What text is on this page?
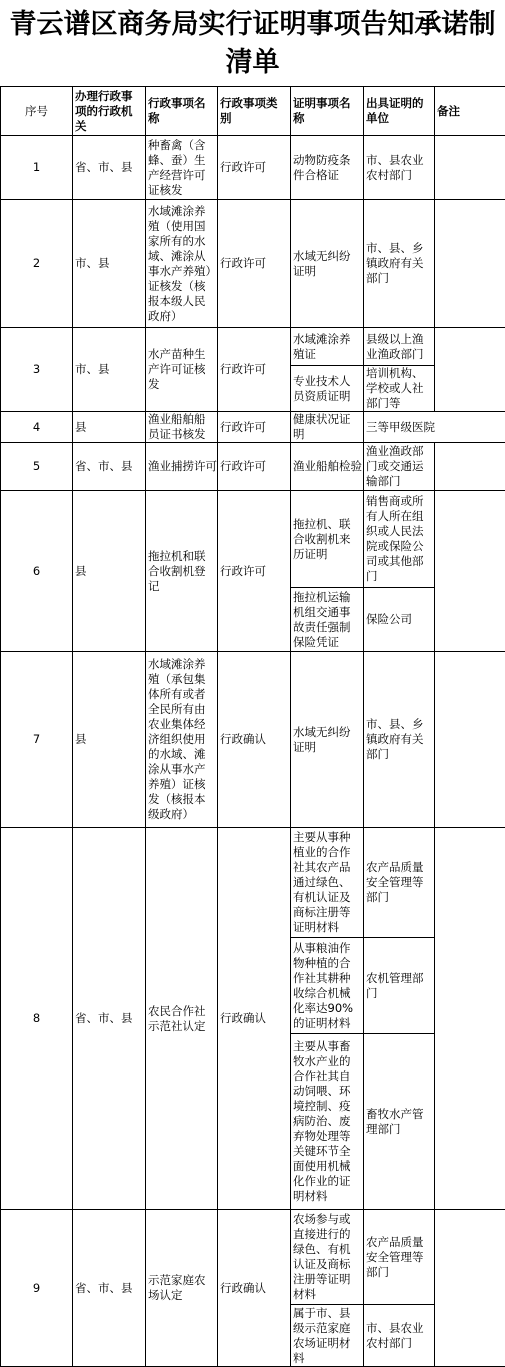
青云谱区商务局实行证明事项告知承诺制清单
序号	办理行政事项的行政机关	行政事项名称	行政事项类别	证明事项名称	出具证明的单位	备注
1	省、市、县	种畜禽（含蜂、蚕）生产经营许可证核发	行政许可	动物防疫条件合格证	市、县农业农村部门	
2	市、县	水域滩涂养殖（使用国家所有的水域、滩涂从事水产养殖）证核发（核报本级人民政府）	行政许可	水域无纠纷证明	市、县、乡镇政府有关部门	
3	市、县	水产苗种生产许可证核发	行政许可	水域滩涂养殖证	县级以上渔业渔政部门	
				专业技术人员资质证明	培训机构、学校或人社部门等	
4	县	渔业船舶船员证书核发	行政许可	健康状况证明	三等甲级医院	
5	省、市、县	渔业捕捞许可	行政许可	渔业船舶检验	渔业渔政部门或交通运输部门	
6	县	拖拉机和联合收割机登记	行政许可	拖拉机、联合收割机来历证明	销售商或所有人所在组织或人民法院或保险公司或其他部门	
				拖拉机运输机组交通事故责任强制保险凭证	保险公司	
7	县	水域滩涂养殖（承包集体所有或者全民所有由农业集体经济组织使用的水域、滩涂从事水产养殖）证核发（核报本级政府）	行政确认	水域无纠纷证明	市、县、乡镇政府有关部门	
8	省、市、县	农民合作社示范社认定	行政确认	主要从事种植业的合作社其农产品通过绿色、有机认证及商标注册等证明材料	农产品质量安全管理等部门	
				从事粮油作物种植的合作社其耕种收综合机械化率达90%的证明材料	农机管理部门	
				主要从事畜牧水产业的合作社其自动饲喂、环境控制、疫病防治、废弃物处理等关键环节全面使用机械化作业的证明材料	畜牧水产管理部门	
9	省、市、县	示范家庭农场认定	行政确认	农场参与或直接进行的绿色、有机认证及商标注册等证明材料	农产品质量安全管理等部门	
				属于市、县级示范家庭农场证明材料	市、县农业农村部门	
